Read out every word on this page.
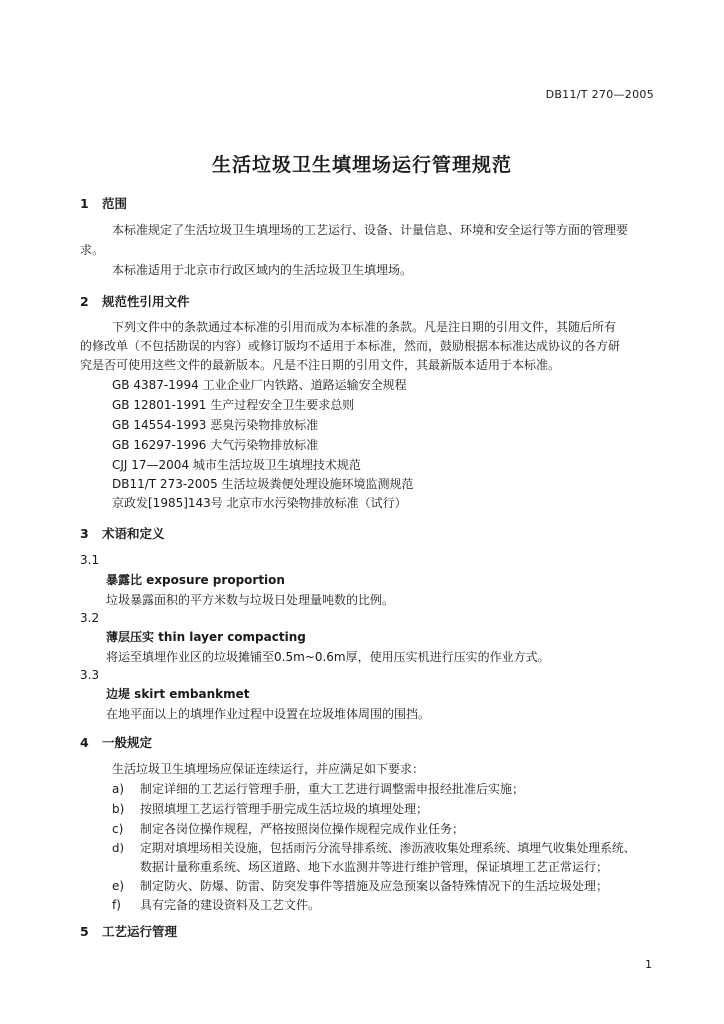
DB11/T 270—2005
生活垃圾卫生填埋场运行管理规范
1 范围
本标准规定了生活垃圾卫生填埋场的工艺运行、设备、计量信息、环境和安全运行等方面的管理要
求。
本标准适用于北京市行政区域内的生活垃圾卫生填埋场。
2 规范性引用文件
下列文件中的条款通过本标准的引用而成为本标准的条款。凡是注日期的引用文件，其随后所有
的修改单（不包括勘误的内容）或修订版均不适用于本标准，然而，鼓励根据本标准达成协议的各方研
究是否可使用这些文件的最新版本。凡是不注日期的引用文件，其最新版本适用于本标准。
GB 4387-1994 工业企业厂内铁路、道路运输安全规程
GB 12801-1991 生产过程安全卫生要求总则
GB 14554-1993 恶臭污染物排放标准
GB 16297-1996 大气污染物排放标准
CJJ 17—2004 城市生活垃圾卫生填埋技术规范
DB11/T 273-2005 生活垃圾粪便处理设施环境监测规范
京政发[1985]143号 北京市水污染物排放标准（试行）
3 术语和定义
3.1
暴露比 exposure proportion
垃圾暴露面积的平方米数与垃圾日处理量吨数的比例。
3.2
薄层压实 thin layer compacting
将运至填埋作业区的垃圾摊铺至0.5m~0.6m厚，使用压实机进行压实的作业方式。
3.3
边堤 skirt embankmet
在地平面以上的填埋作业过程中设置在垃圾堆体周围的围挡。
4 一般规定
生活垃圾卫生填埋场应保证连续运行，并应满足如下要求：
a) 制定详细的工艺运行管理手册，重大工艺进行调整需申报经批准后实施；
b) 按照填埋工艺运行管理手册完成生活垃圾的填埋处理；
c) 制定各岗位操作规程，严格按照岗位操作规程完成作业任务；
d) 定期对填埋场相关设施，包括雨污分流导排系统、渗沥液收集处理系统、填埋气收集处理系统、
数据计量称重系统、场区道路、地下水监测井等进行维护管理，保证填埋工艺正常运行；
e) 制定防火、防爆、防雷、防突发事件等措施及应急预案以备特殊情况下的生活垃圾处理；
f) 具有完备的建设资料及工艺文件。
5 工艺运行管理
1
